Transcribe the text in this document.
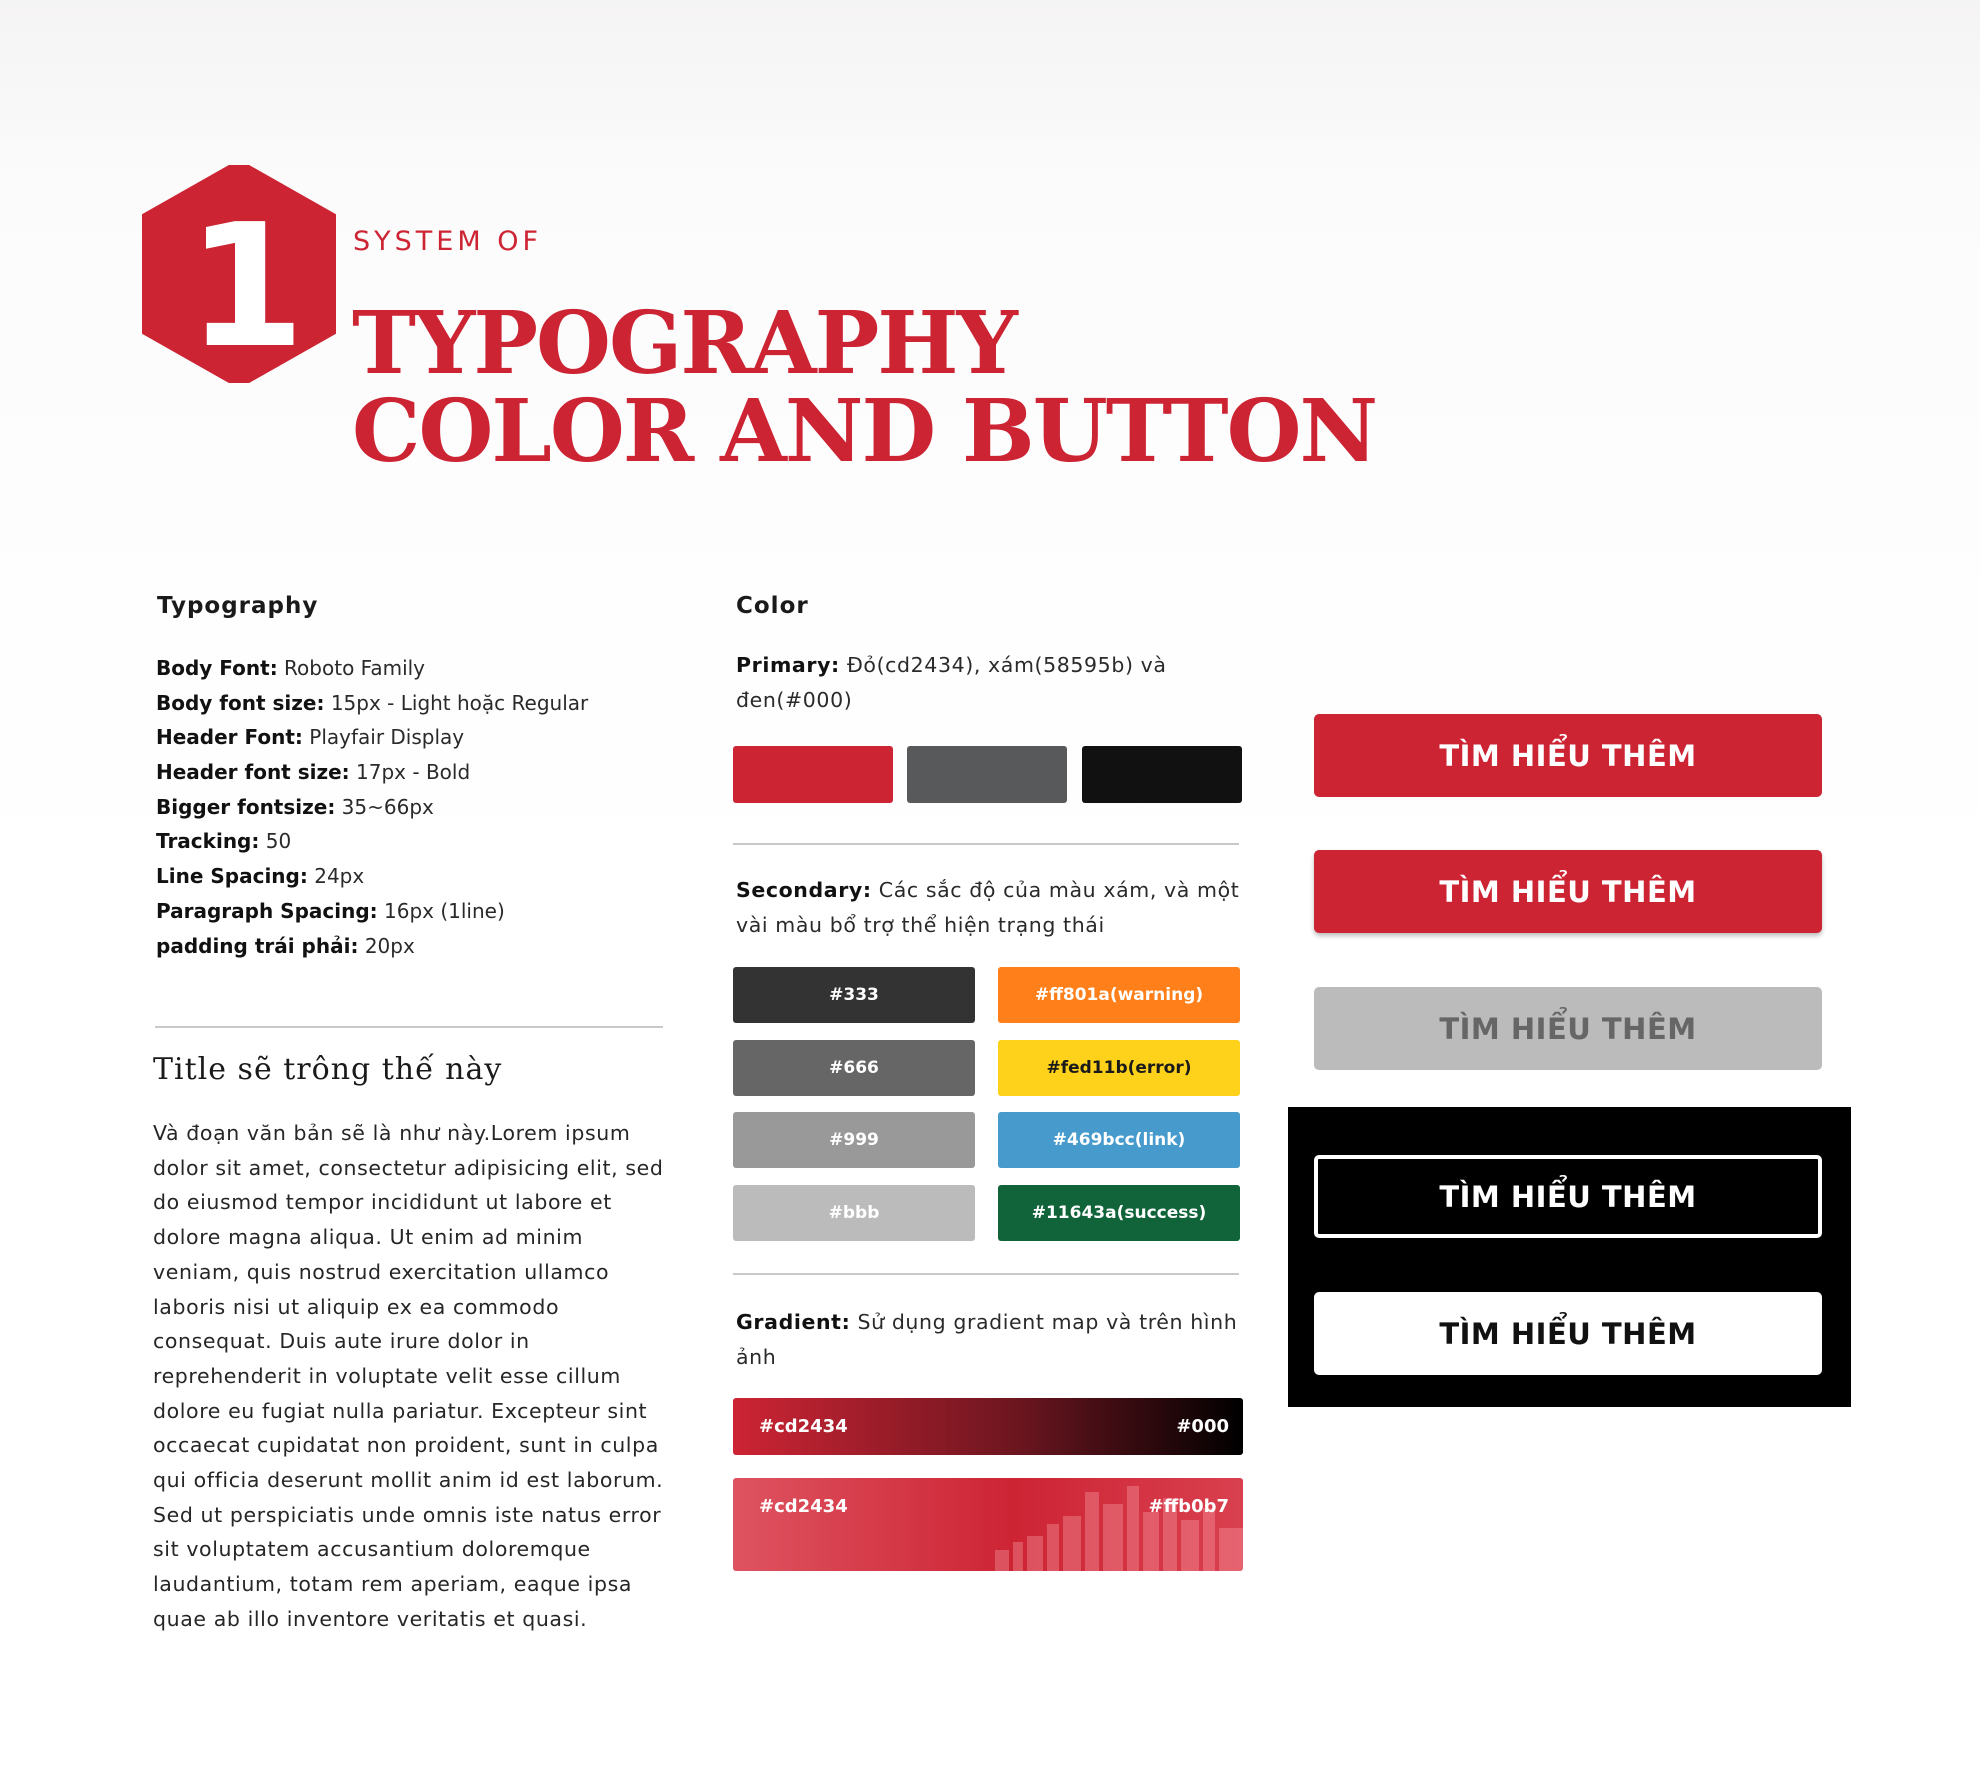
1 SYSTEM OF
TYPOGRAPHY
COLOR AND BUTTON
Typography
Body Font: Roboto Family
Body font size: 15px - Light hoặc Regular
Header Font: Playfair Display
Header font size: 17px - Bold
Bigger fontsize: 35~66px
Tracking: 50
Line Spacing: 24px
Paragraph Spacing: 16px (1line)
padding trái phải: 20px
Title sẽ trông thế này
Và đoạn văn bản sẽ là như này.Lorem ipsum dolor sit amet, consectetur adipisicing elit, sed do eiusmod tempor incididunt ut labore et dolore magna aliqua. Ut enim ad minim veniam, quis nostrud exercitation ullamco laboris nisi ut aliquip ex ea commodo consequat. Duis aute irure dolor in reprehenderit in voluptate velit esse cillum dolore eu fugiat nulla pariatur. Excepteur sint occaecat cupidatat non proident, sunt in culpa qui officia deserunt mollit anim id est laborum. Sed ut perspiciatis unde omnis iste natus error sit voluptatem accusantium doloremque laudantium, totam rem aperiam, eaque ipsa quae ab illo inventore veritatis et quasi.
Color
Primary: Đỏ(cd2434), xám(58595b) và đen(#000)
Secondary: Các sắc độ của màu xám, và một vài màu bổ trợ thể hiện trạng thái
#333
#666
#999
#bbb
#ff801a(warning)
#fed11b(error)
#469bcc(link)
#11643a(success)
Gradient: Sử dụng gradient map và trên hình ảnh
#cd2434	#000
#cd2434	#ffb0b7
TÌM HIỂU THÊM
TÌM HIỂU THÊM
TÌM HIỂU THÊM
TÌM HIỂU THÊM
TÌM HIỂU THÊM
